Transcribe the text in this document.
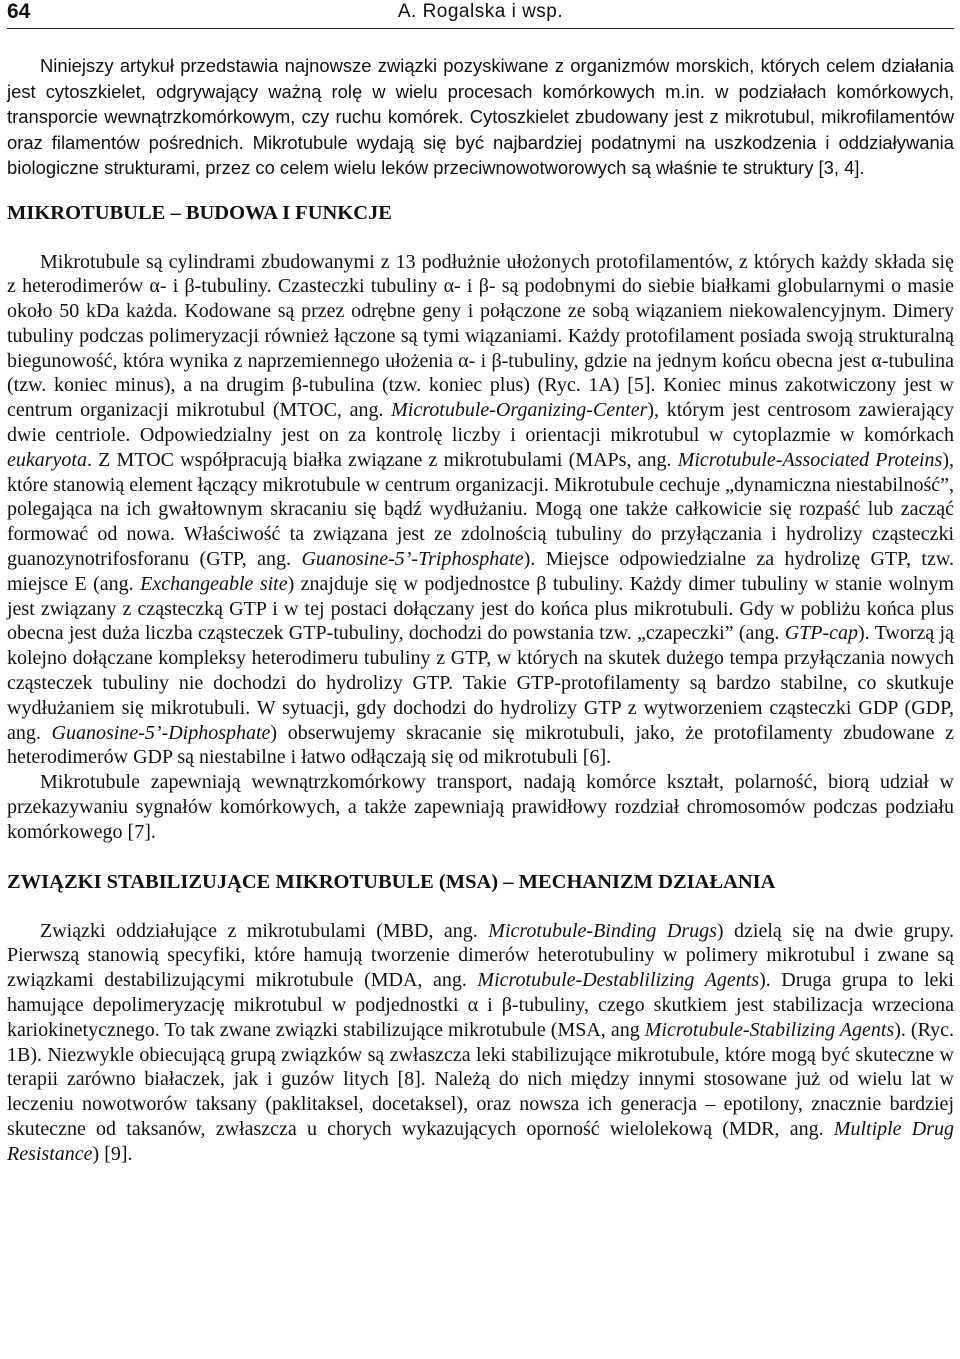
64	A. Rogalska i wsp.

Niniejszy artykuł przedstawia najnowsze związki pozyskiwane z organizmów morskich, których celem działania jest cytoszkielet, odgrywający ważną rolę w wielu procesach komórkowych m.in. w podziałach komórkowych, transporcie wewnątrzkomórkowym, czy ruchu komórek. Cytoszkielet zbudowany jest z mikrotubul, mikrofilamentów oraz filamentów pośrednich. Mikrotubule wydają się być najbardziej podatnymi na uszkodzenia i oddziaływania biologiczne strukturami, przez co celem wielu leków przeciwnowotworowych są właśnie te struktury [3, 4].

MIKROTUBULE – BUDOWA I FUNKCJE

Mikrotubule są cylindrami zbudowanymi z 13 podłużnie ułożonych protofilamentów, z których każdy składa się z heterodimerów α- i β-tubuliny. Czasteczki tubuliny α- i β- są podobnymi do siebie białkami globularnymi o masie około 50 kDa każda. Kodowane są przez odrębne geny i połączone ze sobą wiązaniem niekowalencyjnym. Dimery tubuliny podczas polimeryzacji również łączone są tymi wiązaniami. Każdy protofilament posiada swoją strukturalną biegunowość, która wynika z naprzemiennego ułożenia α- i β-tubuliny, gdzie na jednym końcu obecna jest α-tubulina (tzw. koniec minus), a na drugim β-tubulina (tzw. koniec plus) (Ryc. 1A) [5]. Koniec minus zakotwiczony jest w centrum organizacji mikrotubul (MTOC, ang. Microtubule-Organizing-Center), którym jest centrosom zawierający dwie centriole. Odpowiedzialny jest on za kontrolę liczby i orientacji mikrotubul w cytoplazmie w komórkach eukaryota. Z MTOC współpracują białka związane z mikrotubulami (MAPs, ang. Microtubule-Associated Proteins), które stanowią element łączący mikrotubule w centrum organizacji. Mikrotubule cechuje „dynamiczna niestabilność”, polegająca na ich gwałtownym skracaniu się bądź wydłużaniu. Mogą one także całkowicie się rozpaść lub zacząć formować od nowa. Właściwość ta związana jest ze zdolnością tubuliny do przyłączania i hydrolizy cząsteczki guanozynotrifosforanu (GTP, ang. Guanosine-5’-Triphosphate). Miejsce odpowiedzialne za hydrolizę GTP, tzw. miejsce E (ang. Exchangeable site) znajduje się w podjednostce β tubuliny. Każdy dimer tubuliny w stanie wolnym jest związany z cząsteczką GTP i w tej postaci dołączany jest do końca plus mikrotubuli. Gdy w pobliżu końca plus obecna jest duża liczba cząsteczek GTP-tubuliny, dochodzi do powstania tzw. „czapeczki” (ang. GTP-cap). Tworzą ją kolejno dołączane kompleksy heterodimeru tubuliny z GTP, w których na skutek dużego tempa przyłączania nowych cząsteczek tubuliny nie dochodzi do hydrolizy GTP. Takie GTP-protofilamenty są bardzo stabilne, co skutkuje wydłużaniem się mikrotubuli. W sytuacji, gdy dochodzi do hydrolizy GTP z wytworzeniem cząsteczki GDP (GDP, ang. Guanosine-5’-Diphosphate) obserwujemy skracanie się mikrotubuli, jako, że protofilamenty zbudowane z heterodimerów GDP są niestabilne i łatwo odłączają się od mikrotubuli [6].

Mikrotubule zapewniają wewnątrzkomórkowy transport, nadają komórce kształt, polarność, biorą udział w przekazywaniu sygnałów komórkowych, a także zapewniają prawidłowy rozdział chromosomów podczas podziału komórkowego [7].

ZWIĄZKI STABILIZUJĄCE MIKROTUBULE (MSA) – MECHANIZM DZIAŁANIA

Związki oddziałujące z mikrotubulami (MBD, ang. Microtubule-Binding Drugs) dzielą się na dwie grupy. Pierwszą stanowią specyfiki, które hamują tworzenie dimerów heterotubuliny w polimery mikrotubul i zwane są związkami destabilizującymi mikrotubule (MDA, ang. Microtubule-Destablilizing Agents). Druga grupa to leki hamujące depolimeryzację mikrotubul w podjednostki α i β-tubuliny, czego skutkiem jest stabilizacja wrzeciona kariokinetycznego. To tak zwane związki stabilizujące mikrotubule (MSA, ang Microtubule-Stabilizing Agents). (Ryc. 1B). Niezwykle obiecującą grupą związków są zwłaszcza leki stabilizujące mikrotubule, które mogą być skuteczne w terapii zarówno białaczek, jak i guzów litych [8]. Należą do nich między innymi stosowane już od wielu lat w leczeniu nowotworów taksany (paklitaksel, docetaksel), oraz nowsza ich generacja – epotilony, znacznie bardziej skuteczne od taksanów, zwłaszcza u chorych wykazujących oporność wielolekową (MDR, ang. Multiple Drug Resistance) [9].
